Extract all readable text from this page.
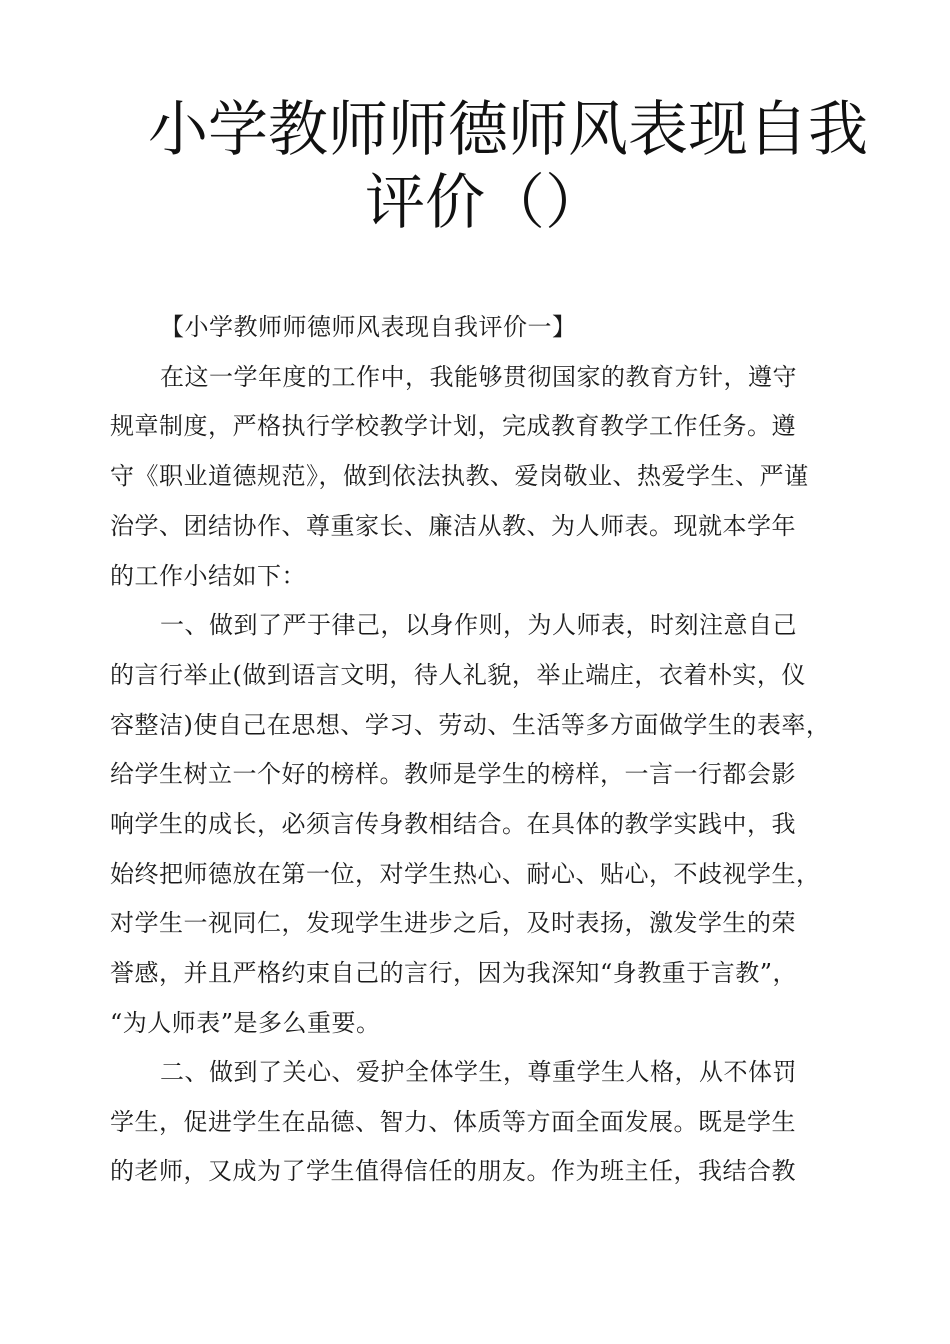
小学教师师德师风表现自我
评价（）
【小学教师师德师风表现自我评价一】
在这一学年度的工作中，我能够贯彻国家的教育方针，遵守
规章制度，严格执行学校教学计划，完成教育教学工作任务。遵
守《职业道德规范》，做到依法执教、爱岗敬业、热爱学生、严谨
治学、团结协作、尊重家长、廉洁从教、为人师表。现就本学年
的工作小结如下：
一、做到了严于律己，以身作则，为人师表，时刻注意自己
的言行举止(做到语言文明，待人礼貌，举止端庄，衣着朴实，仪
容整洁)使自己在思想、学习、劳动、生活等多方面做学生的表率，
给学生树立一个好的榜样。教师是学生的榜样，一言一行都会影
响学生的成长，必须言传身教相结合。在具体的教学实践中，我
始终把师德放在第一位，对学生热心、耐心、贴心，不歧视学生，
对学生一视同仁，发现学生进步之后，及时表扬，激发学生的荣
誉感，并且严格约束自己的言行，因为我深知“身教重于言教”，
“为人师表”是多么重要。
二、做到了关心、爱护全体学生，尊重学生人格，从不体罚
学生，促进学生在品德、智力、体质等方面全面发展。既是学生
的老师，又成为了学生值得信任的朋友。作为班主任，我结合教
